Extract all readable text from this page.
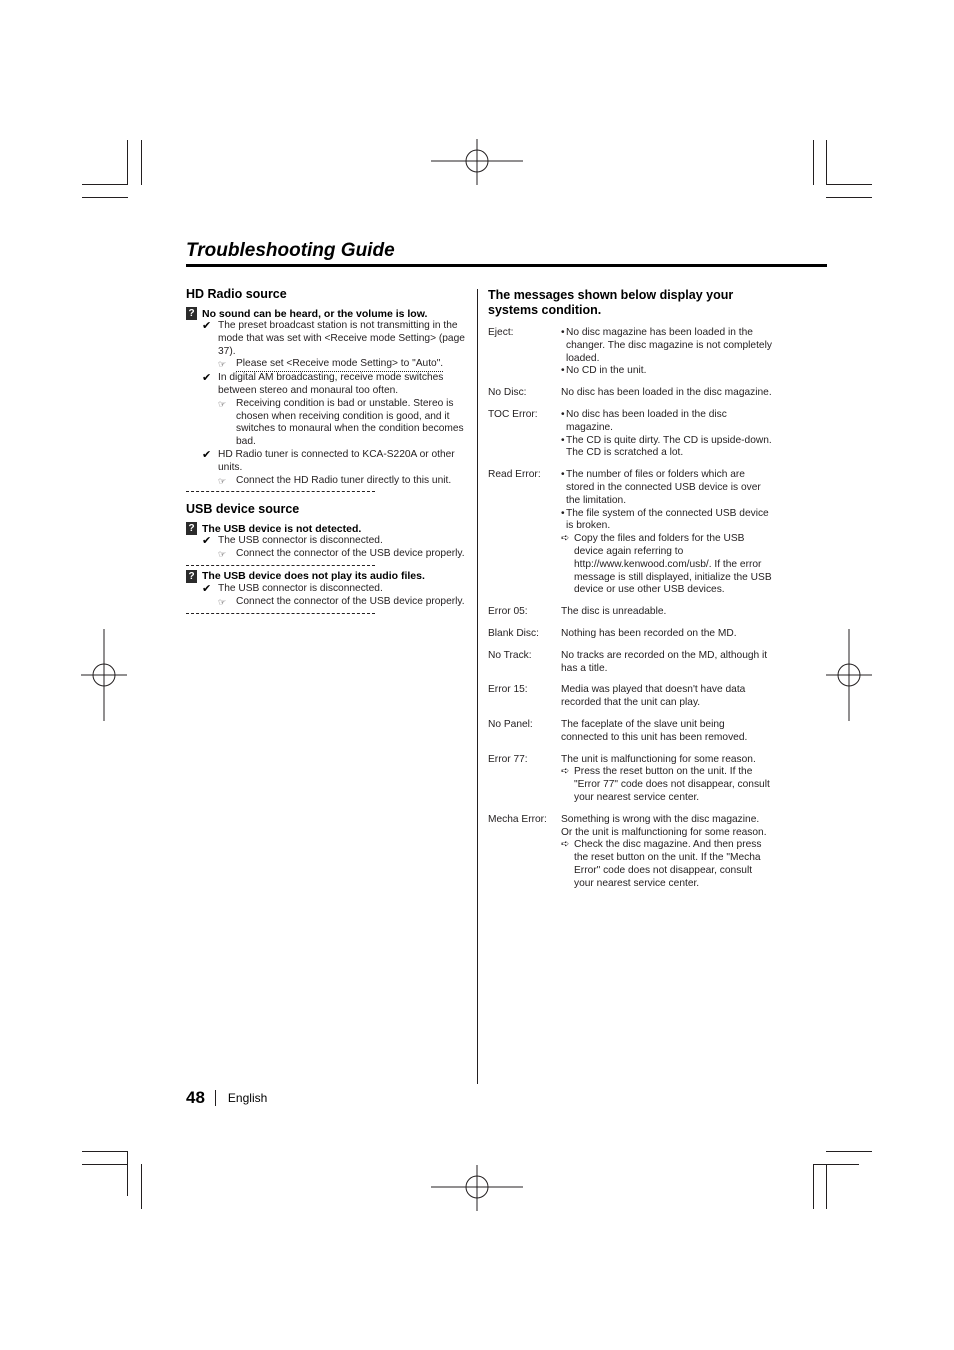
Troubleshooting Guide
HD Radio source
? No sound can be heard, or the volume is low.
✔ The preset broadcast station is not transmitting in the mode that was set with <Receive mode Setting> (page 37).
☞ Please set <Receive mode Setting> to "Auto".
✔ In digital AM broadcasting, receive mode switches between stereo and monaural too often.
☞ Receiving condition is bad or unstable. Stereo is chosen when receiving condition is good, and it switches to monaural when the condition becomes bad.
✔ HD Radio tuner is connected to KCA-S220A or other units.
☞ Connect the HD Radio tuner directly to this unit.
USB device source
? The USB device is not detected.
✔ The USB connector is disconnected.
☞ Connect the connector of the USB device properly.
? The USB device does not play its audio files.
✔ The USB connector is disconnected.
☞ Connect the connector of the USB device properly.
The messages shown below display your systems condition.
Eject:	• No disc magazine has been loaded in the changer. The disc magazine is not completely loaded.
• No CD in the unit.
No Disc:	No disc has been loaded in the disc magazine.
TOC Error:	• No disc has been loaded in the disc magazine.
• The CD is quite dirty. The CD is upside-down. The CD is scratched a lot.
Read Error:	• The number of files or folders which are stored in the connected USB device is over the limitation.
• The file system of the connected USB device is broken.
➪ Copy the files and folders for the USB device again referring to http://www.kenwood.com/usb/. If the error message is still displayed, initialize the USB device or use other USB devices.
Error 05:	The disc is unreadable.
Blank Disc:	Nothing has been recorded on the MD.
No Track:	No tracks are recorded on the MD, although it has a title.
Error 15:	Media was played that doesn't have data recorded that the unit can play.
No Panel:	The faceplate of the slave unit being connected to this unit has been removed.
Error 77:	The unit is malfunctioning for some reason.
➪ Press the reset button on the unit. If the "Error 77" code does not disappear, consult your nearest service center.
Mecha Error:	Something is wrong with the disc magazine. Or the unit is malfunctioning for some reason.
➪ Check the disc magazine. And then press the reset button on the unit. If the "Mecha Error" code does not disappear, consult your nearest service center.
48 English
